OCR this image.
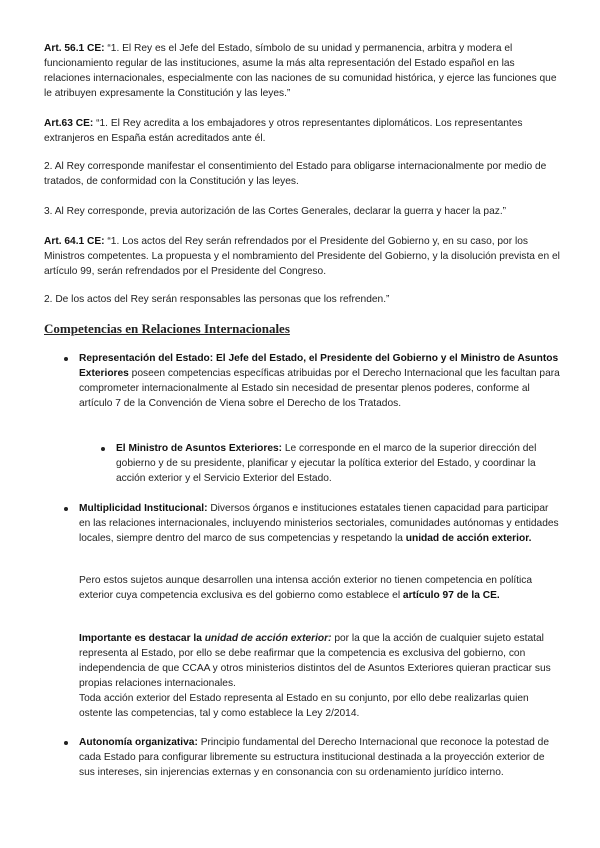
Art. 56.1 CE: “1. El Rey es el Jefe del Estado, símbolo de su unidad y permanencia, arbitra y modera el funcionamiento regular de las instituciones, asume la más alta representación del Estado español en las relaciones internacionales, especialmente con las naciones de su comunidad histórica, y ejerce las funciones que le atribuyen expresamente la Constitución y las leyes.”

Art.63 CE: “1. El Rey acredita a los embajadores y otros representantes diplomáticos. Los representantes extranjeros en España están acreditados ante él.

2. Al Rey corresponde manifestar el consentimiento del Estado para obligarse internacionalmente por medio de tratados, de conformidad con la Constitución y las leyes.

3. Al Rey corresponde, previa autorización de las Cortes Generales, declarar la guerra y hacer la paz.”

Art. 64.1 CE: “1. Los actos del Rey serán refrendados por el Presidente del Gobierno y, en su caso, por los Ministros competentes. La propuesta y el nombramiento del Presidente del Gobierno, y la disolución prevista en el artículo 99, serán refrendados por el Presidente del Congreso.

2. De los actos del Rey serán responsables las personas que los refrenden.”

Competencias en Relaciones Internacionales

Representación del Estado: El Jefe del Estado, el Presidente del Gobierno y el Ministro de Asuntos Exteriores poseen competencias específicas atribuidas por el Derecho Internacional que les facultan para comprometer internacionalmente al Estado sin necesidad de presentar plenos poderes, conforme al artículo 7 de la Convención de Viena sobre el Derecho de los Tratados.

El Ministro de Asuntos Exteriores: Le corresponde en el marco de la superior dirección del gobierno y de su presidente, planificar y ejecutar la política exterior del Estado, y coordinar la acción exterior y el Servicio Exterior del Estado.

Multiplicidad Institucional: Diversos órganos e instituciones estatales tienen capacidad para participar en las relaciones internacionales, incluyendo ministerios sectoriales, comunidades autónomas y entidades locales, siempre dentro del marco de sus competencias y respetando la unidad de acción exterior.

Pero estos sujetos aunque desarrollen una intensa acción exterior no tienen competencia en política exterior cuya competencia exclusiva es del gobierno como establece el artículo 97 de la CE.

Importante es destacar la unidad de acción exterior: por la que la acción de cualquier sujeto estatal representa al Estado, por ello se debe reafirmar que la competencia es exclusiva del gobierno, con independencia de que CCAA y otros ministerios distintos del de Asuntos Exteriores quieran practicar sus propias relaciones internacionales.

Toda acción exterior del Estado representa al Estado en su conjunto, por ello debe realizarlas quien ostente las competencias, tal y como establece la Ley 2/2014.

Autonomía organizativa: Principio fundamental del Derecho Internacional que reconoce la potestad de cada Estado para configurar libremente su estructura institucional destinada a la proyección exterior de sus intereses, sin injerencias externas y en consonancia con su ordenamiento jurídico interno.
